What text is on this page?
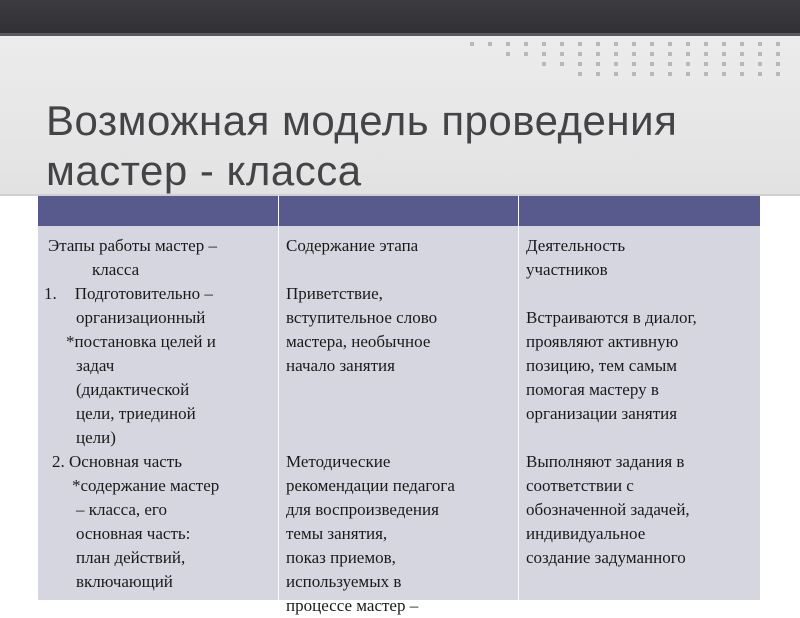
Возможная модель проведения
мастер - класса
Этапы работы мастер –
класса
1. Подготовительно –
организационный
*постановка целей и
задач
(дидактической
цели, триединой
цели)
2. Основная часть
*содержание мастер
– класса, его
основная часть:
план действий,
включающий
Содержание этапа
Приветствие,
вступительное слово
мастера, необычное
начало занятия
Методические
рекомендации педагога
для воспроизведения
темы занятия,
показ приемов,
используемых в
процессе мастер –
Деятельность
участников
Встраиваются в диалог,
проявляют активную
позицию, тем самым
помогая мастеру в
организации занятия
Выполняют задания в
соответствии с
обозначенной задачей,
индивидуальное
создание задуманного
